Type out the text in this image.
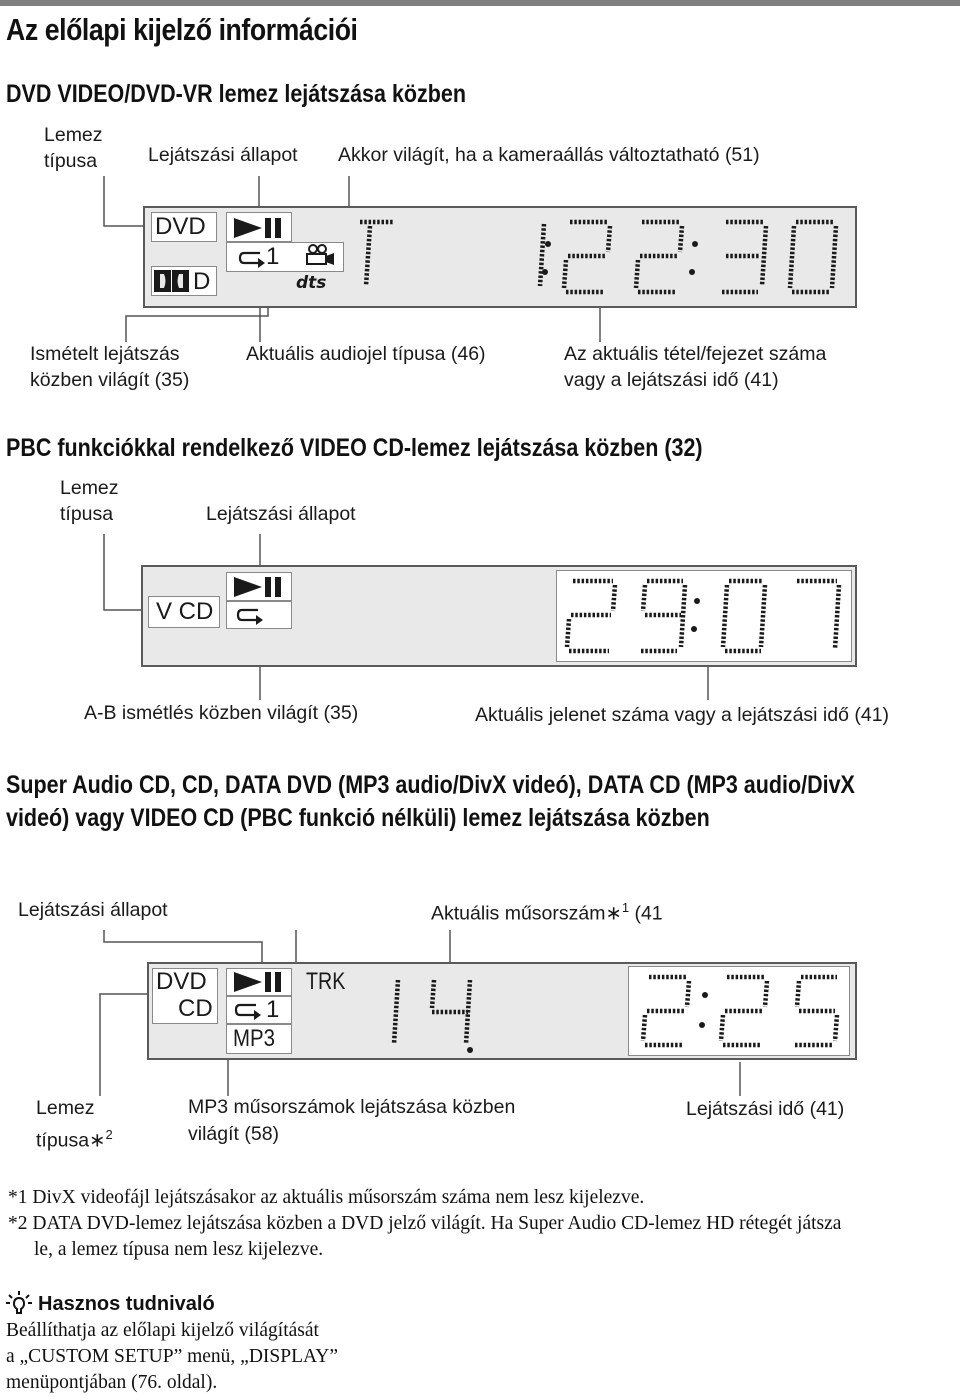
Az előlapi kijelző információi
DVD VIDEO/DVD-VR lemez lejátszása közben
Lemez
típusa	Lejátszási állapot Akkor világít, ha a kameraállás változtatható (51)
DVD
D
1
dts
Ismételt lejátszás
közben világít (35)
Aktuális audiojel típusa (46)	Az aktuális tétel/fejezet száma
vagy a lejátszási idő (41)
PBC funkciókkal rendelkező VIDEO CD-lemez lejátszása közben (32)
Lemez
típusa	Lejátszási állapot
V CD
A-B ismétlés közben világít (35)	Aktuális jelenet száma vagy a lejátszási idő (41)
Super Audio CD, CD, DATA DVD (MP3 audio/DivX videó), DATA CD (MP3 audio/DivX
videó) vagy VIDEO CD (PBC funkció nélküli) lemez lejátszása közben
Lejátszási állapot	Aktuális műsorszám∗$^1$ (41
DVD
CD 1
MP3
TRK
Lemez
típusa∗$^2$
MP3 műsorszámok lejátszása közben
világít (58)
Lejátszási idő (41)
*1 DivX videofájl lejátszásakor az aktuális műsorszám száma nem lesz kijelezve.
*2 DATA DVD-lemez lejátszása közben a DVD jelző világít. Ha Super Audio CD-lemez HD rétegét játsza
le, a lemez típusa nem lesz kijelezve.
Hasznos tudnivaló
Beállíthatja az előlapi kijelző világítását
a „CUSTOM SETUP” menü, „DISPLAY”
menüpontjában (76. oldal).
